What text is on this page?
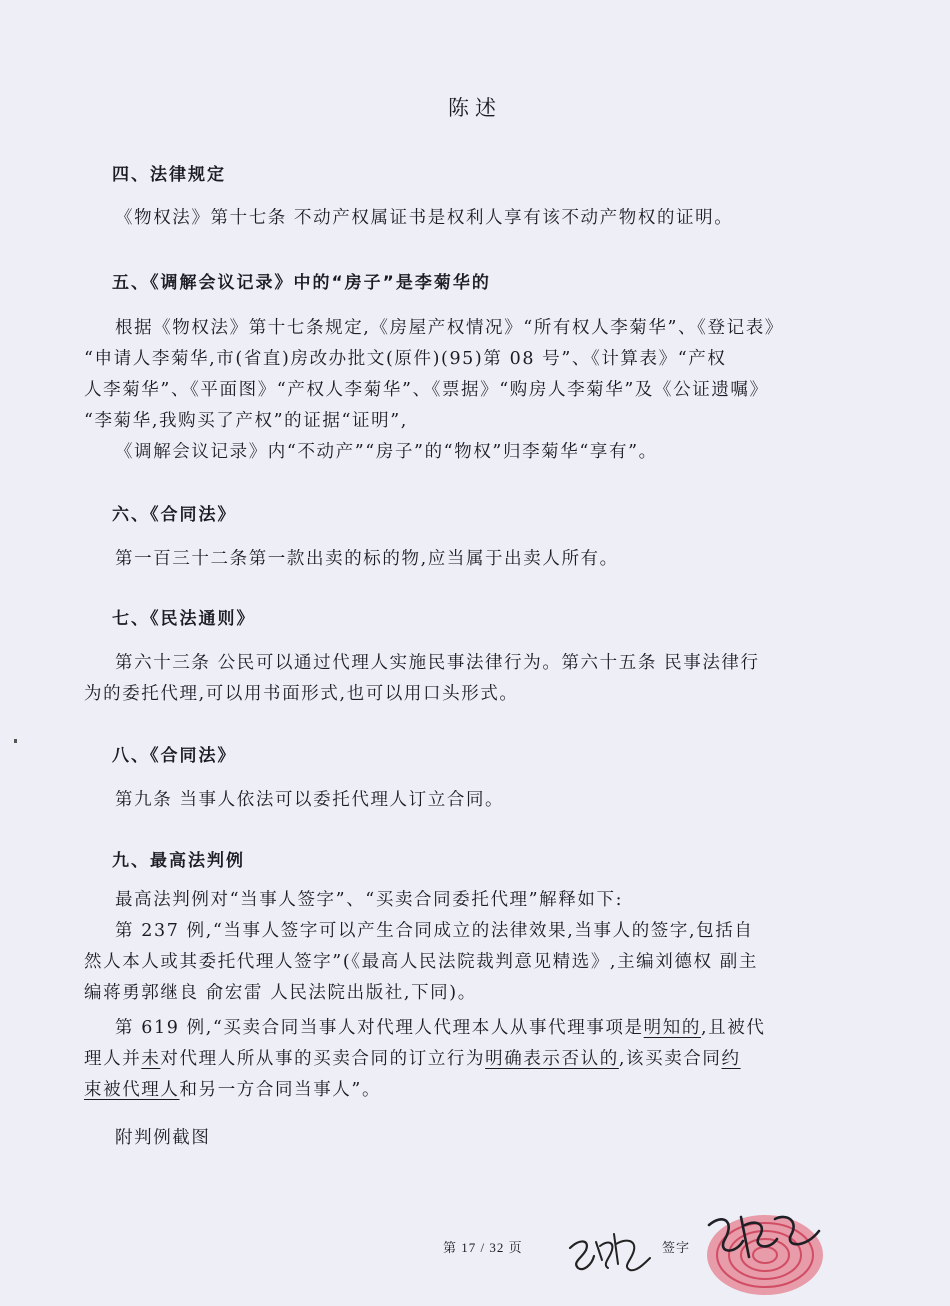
陈述
四、法律规定
《物权法》第十七条 不动产权属证书是权利人享有该不动产物权的证明。
五、《调解会议记录》中的“房子”是李菊华的
根据《物权法》第十七条规定,《房屋产权情况》“所有权人李菊华”、《登记表》
“申请人李菊华,市(省直)房改办批文(原件)(95)第 08 号”、《计算表》“产权
人李菊华”、《平面图》“产权人李菊华”、《票据》“购房人李菊华”及《公证遗嘱》
“李菊华,我购买了产权”的证据“证明”,
《调解会议记录》内“不动产”“房子”的“物权”归李菊华“享有”。
六、《合同法》
第一百三十二条第一款出卖的标的物,应当属于出卖人所有。
七、《民法通则》
第六十三条 公民可以通过代理人实施民事法律行为。第六十五条 民事法律行
为的委托代理,可以用书面形式,也可以用口头形式。
八、《合同法》
第九条 当事人依法可以委托代理人订立合同。
九、最高法判例
最高法判例对“当事人签字”、“买卖合同委托代理”解释如下:
第 237 例,“当事人签字可以产生合同成立的法律效果,当事人的签字,包括自
然人本人或其委托代理人签字”(《最高人民法院裁判意见精选》,主编刘德权 副主
编蒋勇郭继良 俞宏雷 人民法院出版社,下同)。
第 619 例,“买卖合同当事人对代理人代理本人从事代理事项是明知的,且被代
理人并未对代理人所从事的买卖合同的订立行为明确表示否认的,该买卖合同约
束被代理人和另一方合同当事人”。
附判例截图
第 17 / 32 页	签字
